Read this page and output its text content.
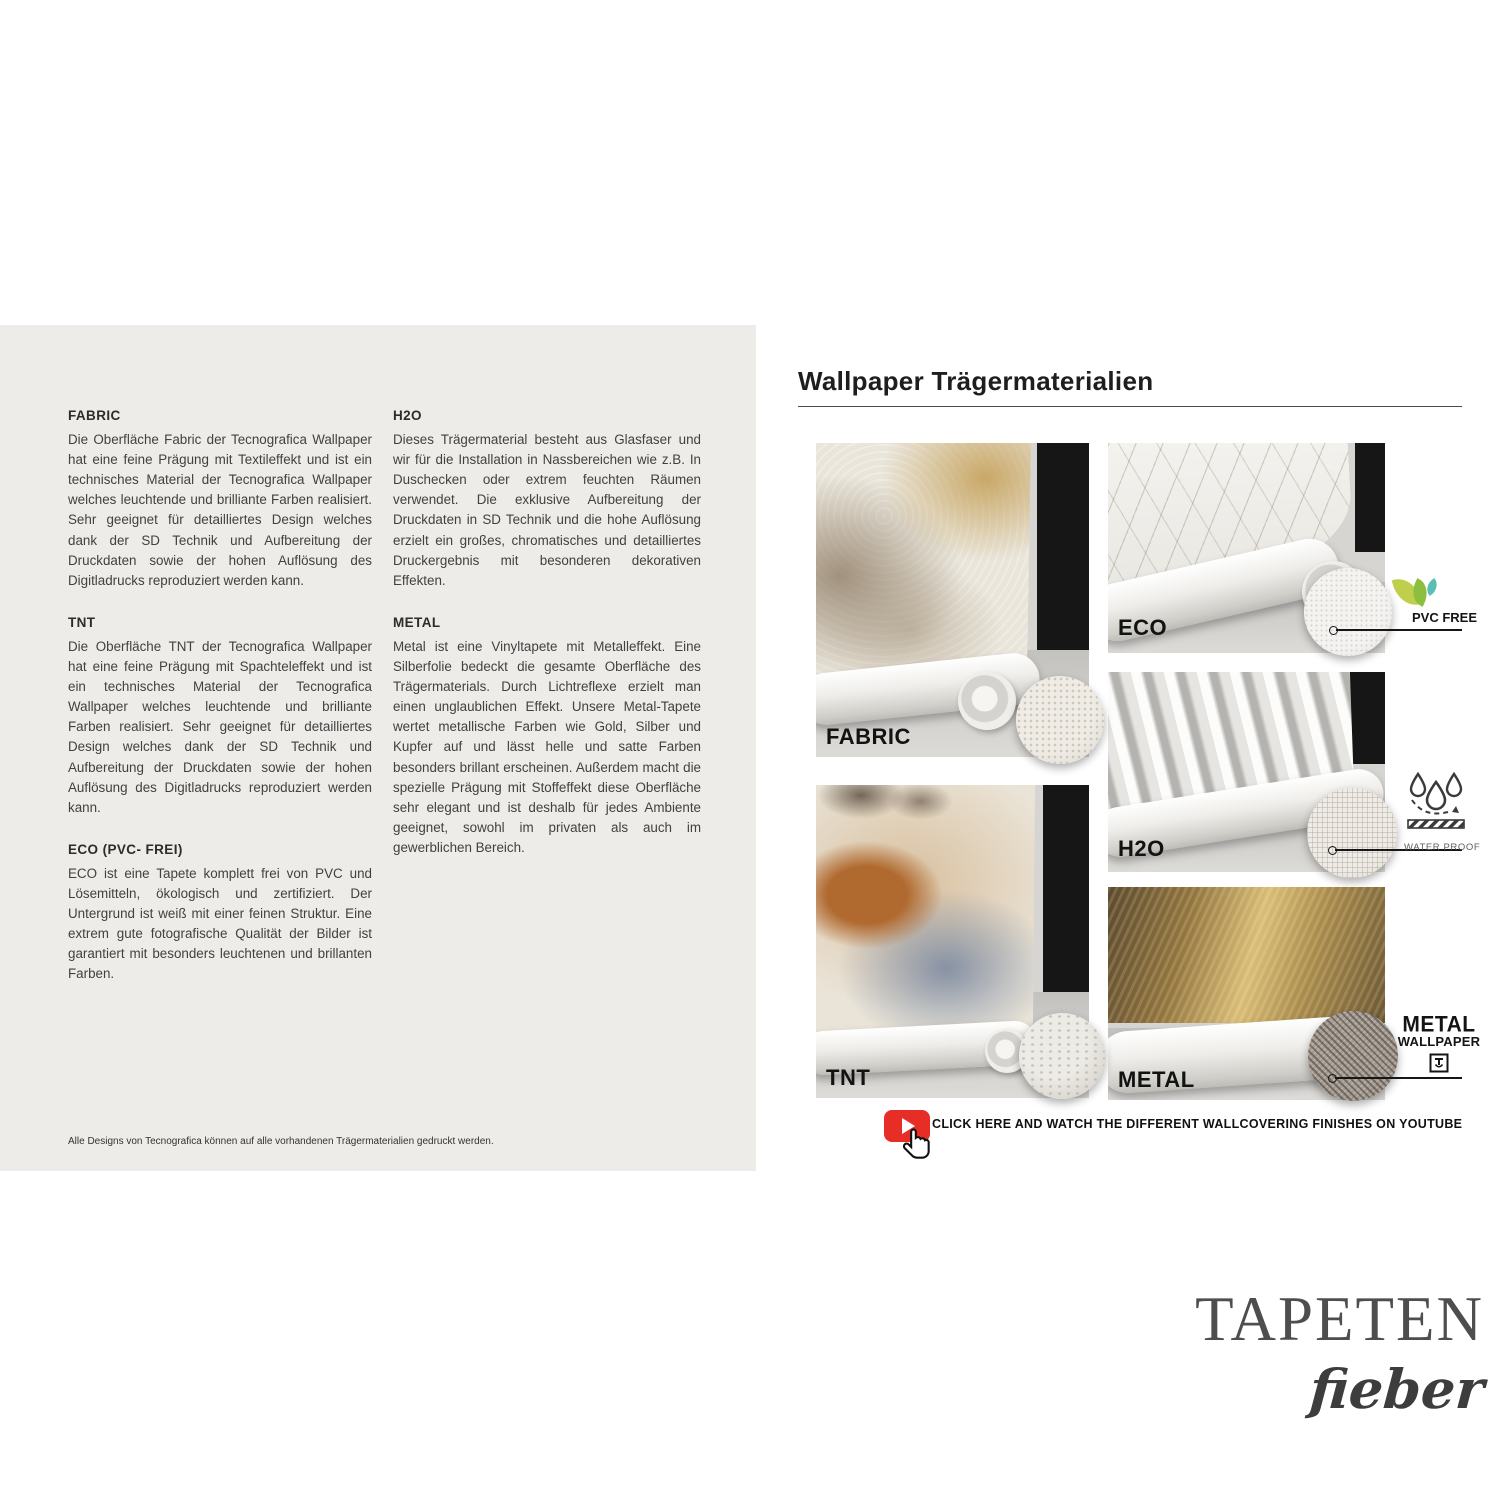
FABRIC

Die Oberfläche Fabric der Tecnografica Wallpaper hat eine feine Prägung mit Textileffekt und ist ein technisches Material der Tecnografica Wallpaper welches leuchtende und brilliante Farben realisiert. Sehr geeignet für detailliertes Design welches dank der SD Technik und Aufbereitung der Druckdaten sowie der hohen Auflösung des Digitladrucks reproduziert werden kann.

TNT

Die Oberfläche TNT der Tecnografica Wallpaper hat eine feine Prägung mit Spachteleffekt und ist ein technisches Material der Tecnografica Wallpaper welches leuchtende und brilliante Farben realisiert. Sehr geeignet für detailliertes Design welches dank der SD Technik und Aufbereitung der Druckdaten sowie der hohen Auflösung des Digitladrucks reproduziert werden kann.

ECO (PVC- FREI)

ECO ist eine Tapete komplett frei von PVC und Lösemitteln, ökologisch und zertifiziert. Der Untergrund ist weiß mit einer feinen Struktur. Eine extrem gute fotografische Qualität der Bilder ist garantiert mit besonders leuchtenen und brillanten Farben.

H2O

Dieses Trägermaterial besteht aus Glasfaser und wir für die Installation in Nassbereichen wie z.B. In Duschecken oder extrem feuchten Räumen verwendet. Die exklusive Aufbereitung der Druckdaten in SD Technik und die hohe Auflösung erzielt ein großes, chromatisches und detailliertes Druckergebnis mit besonderen dekorativen Effekten.

METAL

Metal ist eine Vinyltapete mit Metalleffekt. Eine Silberfolie bedeckt die gesamte Oberfläche des Trägermaterials. Durch Lichtreflexe erzielt man einen unglaublichen Effekt. Unsere Metal-Tapete wertet metallische Farben wie Gold, Silber und Kupfer auf und lässt helle und satte Farben besonders brillant erscheinen. Außerdem macht die spezielle Prägung mit Stoffeffekt diese Oberfläche sehr elegant und ist deshalb für jedes Ambiente geeignet, sowohl im privaten als auch im gewerblichen Bereich.

Alle Designs von Tecnografica können auf alle vorhandenen Trägermaterialien gedruckt werden.
Wallpaper Trägermaterialien
FABRIC
TNT
ECO
H2O
METAL
PVC FREE
WATER PROOF
METAL
WALLPAPER
CLICK HERE AND WATCH THE DIFFERENT WALLCOVERING FINISHES ON YOUTUBE
TAPETEN
fieber
